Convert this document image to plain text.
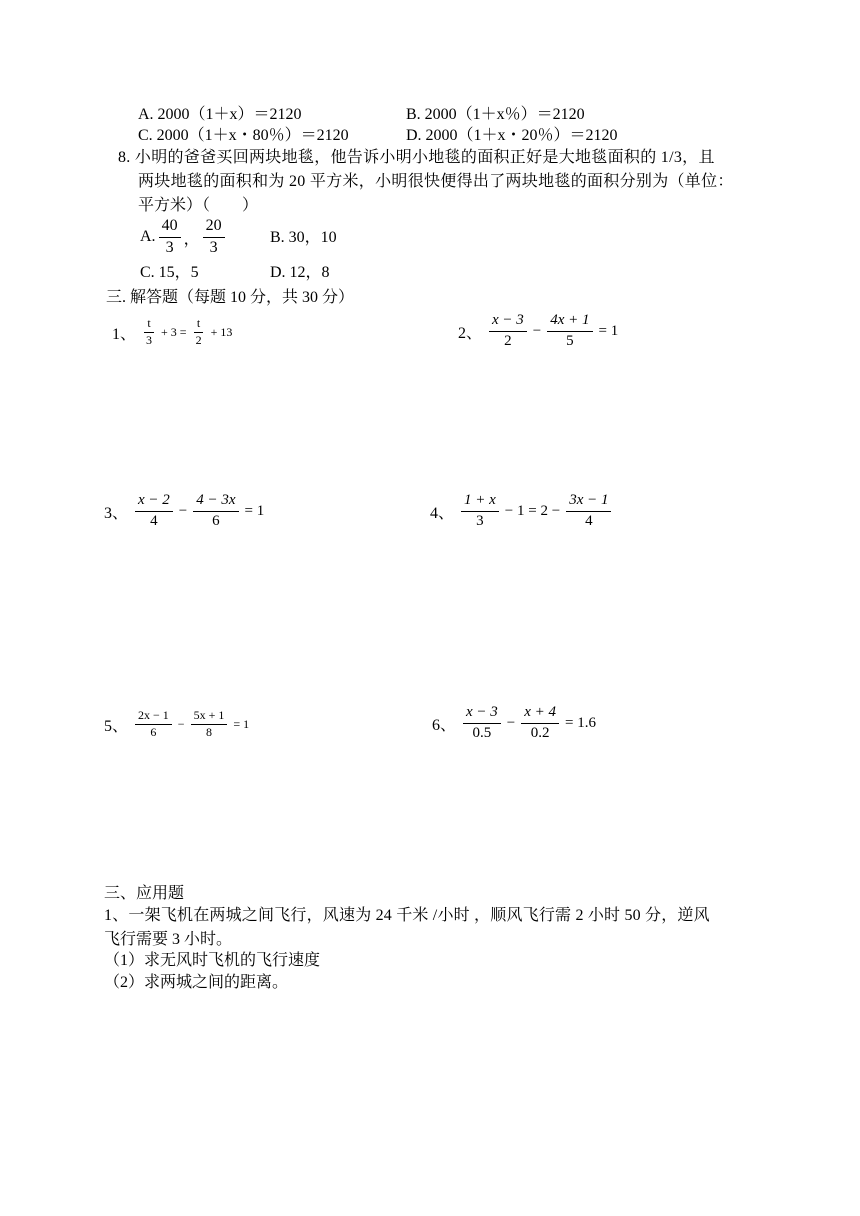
A. 2000（1＋x）＝2120	B. 2000（1＋x％）＝2120
C. 2000（1＋x・80％）＝2120	D. 2000（1＋x・20％）＝2120
8. 小明的爸爸买回两块地毯，他告诉小明小地毯的面积正好是大地毯面积的 1/3，且
两块地毯的面积和为 20 平方米，小明很快便得出了两块地毯的面积分别为（单位：
平方米）（　　）
A. $\frac{40}{3}$ ， $\frac{20}{3}$	B. 30，10
C. 15，5	D. 12，8
三. 解答题（每题 10 分，共 30 分）
1、 $\frac{t}{3} + 3 = \frac{t}{2} + 13$	2、 $\frac{x - 3}{2} - \frac{4x + 1}{5} = 1$
3、 $\frac{x - 2}{4} - \frac{4 - 3x}{6} = 1$	4、 $\frac{1 + x}{3} - 1 = 2 - \frac{3x - 1}{4}$
5、 $\frac{2x - 1}{6} - \frac{5x + 1}{8} = 1$	6、 $\frac{x - 3}{0.5} - \frac{x + 4}{0.2} = 1.6$
三、应用题
1、一架飞机在两城之间飞行，风速为 24 千米 /小时 ，顺风飞行需 2 小时 50 分，逆风
飞行需要 3 小时。
（1）求无风时飞机的飞行速度
（2）求两城之间的距离。
